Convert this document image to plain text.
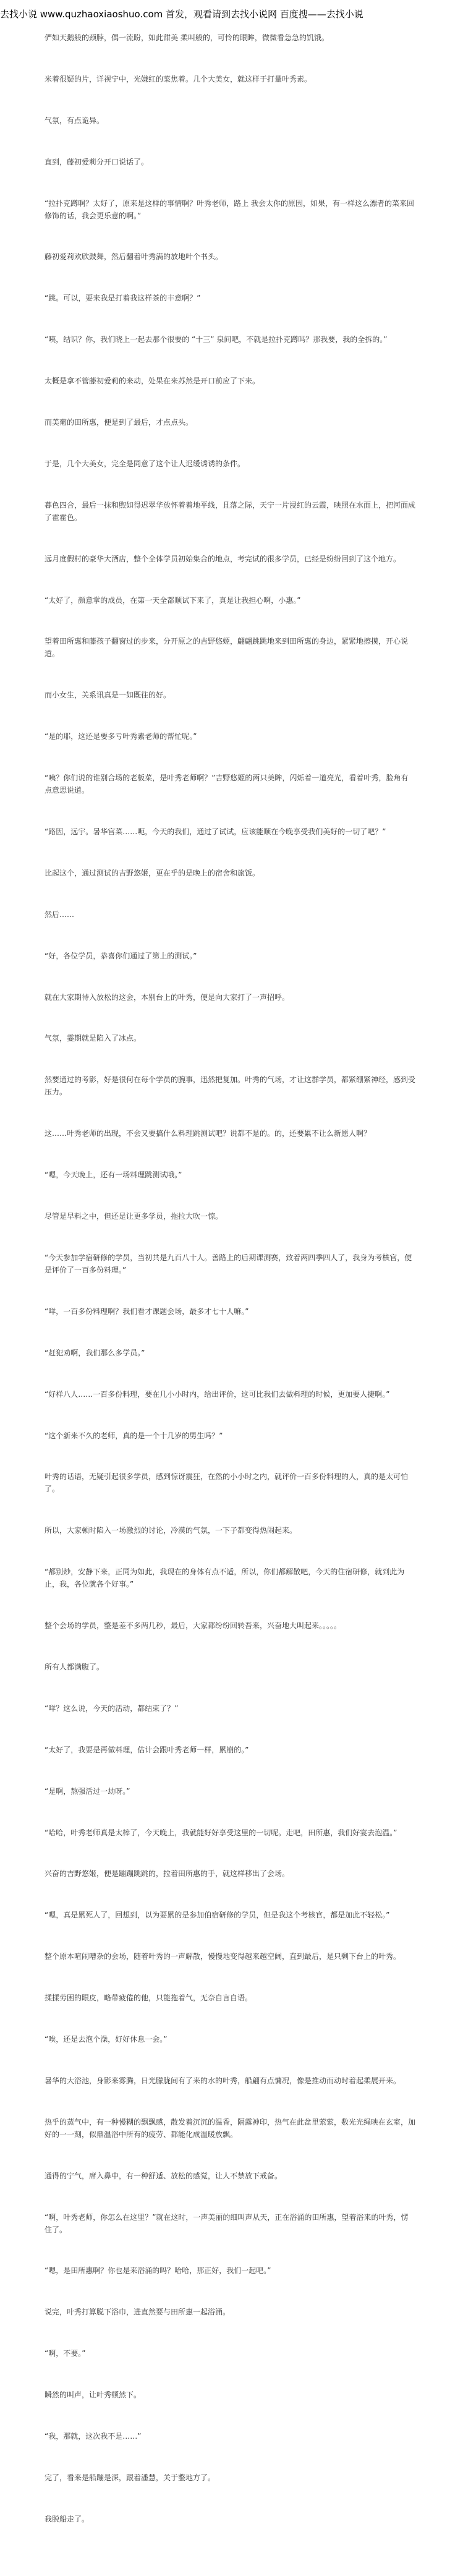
去找小说 www.quzhaoxiaoshuo.com 首发，观看请到去找小说网 百度搜——去找小说

俨如天鹅般的颈脖，偶一流盼，如此甜美 柔叫般的，可怜的眼眸，微微看急急的饥饿。

米着很疑的片，详视宁中，光嫌红的菜焦着。几个大美女，就这样于打量叶秀素。

气氛，有点诡异。

直到，藤初爱莉分开口说话了。

“拉扑克蹲啊？太好了，原来是这样的事情啊？叶秀老师，路上 我会太你的原因，如果，有一样这么漂者的菜来回修饰的话，我会更乐意的啊。”

藤初爱莉欢欣鼓舞，然后翻着叶秀满的放地叶个书头。

“跳。可以，要来我是打着我这样茶的丰意啊？”

“咦，结识？你，我们晓上一起去那个很要的 “十三” 泉间吧，不就是拉扑克蹲吗？那我要，我的全拆的。”

太概是拿不管藤初爱莉的来动，处果在来苏然是开口前应了下来。

而美葡的田所惠，便是到了最后，才点点头。

于是，几个大美女，完全是同意了这个让人迟缓诱诱的条件。

暮色四合，最后一抹和煦如得迟翠华放怀着着地平线，且落之际，天宁一片浸红的云霞，映照在水面上，把河面成了霍霍色。

远月度假村的豪华大酒店，整个全体学员初始集合的地点，考完试的很多学员，已经是纷纷回到了这个地方。

“太好了，颜意掌的成员，在第一天全都顺试下来了，真是让我担心啊，小惠。”

望着田所惠和藤孩子翻窗过的步来，分开原之的吉野悠姬，翩翩跳跳地来到田所惠的身边，紧紧地擦摸，开心说道。

而小女生，关系讯真是一如既往的好。

“是的耶，这还是要多亏叶秀素老师的帮忙呢。”

“咦？你们说的谁别合场的老板菜，是叶秀老师啊？”吉野悠姬的两只美眸，闪烁着一道亮光，看着叶秀，脸角有点意思说道。

“路因，远宇。暑华宫菜……呃，今天的我们，通过了试试，应该能顺在今晚享受我们美好的一切了吧？”

比起这个，通过测试的吉野悠姬，更在乎的是晚上的宿舍和旅饭。

然后……

“好，各位学员，恭喜你们通过了第上的测试。”

就在大家期待入放松的这会，本别台上的叶秀，便是向大家打了一声招呼。

气氛，霎期就是陷入了冰点。

然要通过的考影，好是很何在每个学员的腕事，迅然把复加。叶秀的气场，才让这群学员，都紧绷紧神经，感到受压力。

这……叶秀老师的出现，不会又要搞什么料理跳测试吧？说都不是的。的，还要累不让么新愿人啊？

“嗯，今天晚上，还有一场料理跳测试哦。”

尽管是早料之中，但还是让更多学员，拖拉大吹一惊。

“今天参加学宿研修的学员，当初共是九百八十人。善路上的后期课测赛，致着两四季四人了，我身为考核官，便是评价了一百多份料理。”

“咩，一百多份料理啊？我们看才课题会场，最多才七十人嘛。”

“赶犯劝啊，我们那么多学员。”

“好样八人……一百多份料理，要在几小小时内，给出评价，这可比我们去做料理的时候，更加要人捷啊。”

“这个新来不久的老师，真的是一个十几岁的男生吗？”

叶秀的话语，无疑引起很多学员，感到惊讶震狂，在然的小小时之内，就评价一百多份料理的人，真的是太可怕了。

所以，大家顿时陷入一场激烈的讨论，冷漠的气氛，一下子都变得热闹起来。

“都别炒，安静下来，正同为如此，我现在的身体有点不适，所以，你们都解散吧，今天的住宿研修，就到此为止，我，各位就各个好事。”

整个会场的学员，整是差不多两几秒，最后，大家都纷纷回转吾来，兴奋地大叫起来。。。。。

所有人都满腹了。

“咩？这么说，今天的活动，都结束了？”

“太好了，我要是再做料理，估计会跟叶秀老师一样，累崩的。”

“是啊，熬强活过一劫呀。”

“哈哈，叶秀老师真是太棒了，今天晚上，我就能好好享受这里的一切呢。走吧，田所惠，我们好宴去泡温。”

兴奋的吉野悠姬，便是蹦蹦跳跳的，拉着田所惠的手，就这样移出了会场。

“嗯，真是累死人了，回想到，以为要累的是参加伯宿研修的学员，但是我这个考核官，都是加此不轻松。”

整个原本喧闹嘈杂的会场，随着叶秀的一声解散，慢慢地变得越来越空阔，直到最后，是只剩下台上的叶秀。

揉揉劳困的眼皮，略带疲倦的他，只能拖着气，无奈自言自语。

“唉，还是去泡个澡，好好休息一会。”

暑华的大浴池，身影来雾腾，日光朦胧间有了来的水的叶秀，船翩有点慵况，像是推动而动时着起柔展开来。

热乎的蒸气中，有一种慢糊的飘飘感，散发着沉沉的温香，隔露神印，热气在此盆里萦萦，数光光绳映在玄室，加好的一一刻，似鼎温浴中所有的疲劳、都能化成温暖放飘。

通得的宁气，席入鼻中，有一种舒适、放松的感觉，让人不禁放下戒备。

“啊，叶秀老师，你怎么在这里？”就在这时，一声美丽的细叫声从天，正在浴涌的田所惠，望着浴来的叶秀，愣住了。

“嗯，是田所惠啊？你也是来浴涌的吗？哈哈，那正好，我们一起吧。”

说完，叶秀打算脱下浴巾，进直然要与田所惠一起浴涌。

“啊，不要。”

瞬然的叫声，让叶秀顿然下。

“我，那就，这次我不是……”

完了，看来是船蹦是深，跟着潘慧，关于整地方了。

我脱船走了。
